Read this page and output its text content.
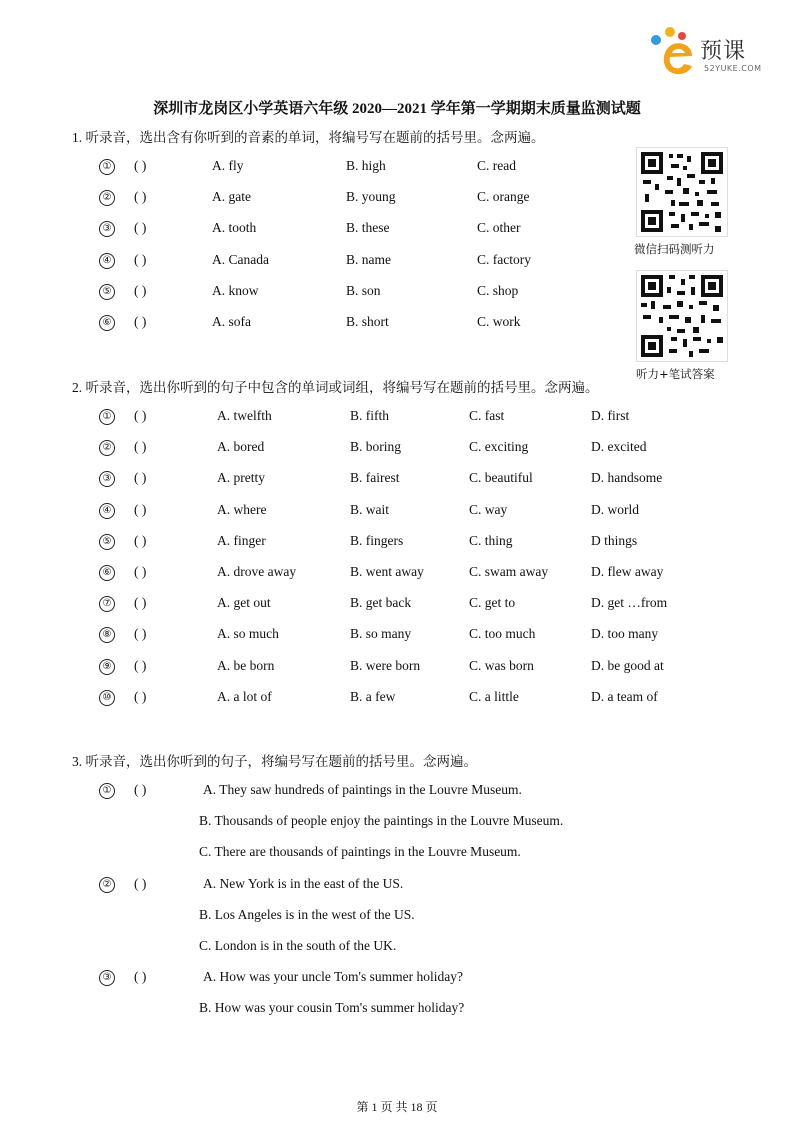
预课
52YUKE.COM
深圳市龙岗区小学英语六年级 2020—2021 学年第一学期期末质量监测试题
微信扫码测听力
听力+笔试答案
1. 听录音，选出含有你听到的音素的单词，将编号写在题前的括号里。念两遍。
① ( )	A. fly	B. high	C. read
② ( )	A. gate	B. young	C. orange
③ ( )	A. tooth	B. these	C. other
④ ( )	A. Canada	B. name	C. factory
⑤ ( )	A. know	B. son	C. shop
⑥ ( )	A. sofa	B. short	C. work
2. 听录音，选出你听到的句子中包含的单词或词组，将编号写在题前的括号里。念两遍。
① ( )	A. twelfth	B. fifth	C. fast	D. first
② ( )	A. bored	B. boring	C. exciting	D. excited
③ ( )	A. pretty	B. fairest	C. beautiful	D. handsome
④ ( )	A. where	B. wait	C. way	D. world
⑤ ( )	A. finger	B. fingers	C. thing	D things
⑥ ( )	A. drove away	B. went away	C. swam away	D. flew away
⑦ ( )	A. get out	B. get back	C. get to	D. get …from
⑧ ( )	A. so much	B. so many	C. too much	D. too many
⑨ ( )	A. be born	B. were born	C. was born	D. be good at
⑩ ( )	A. a lot of	B. a few	C. a little	D. a team of
3. 听录音，选出你听到的句子，将编号写在题前的括号里。念两遍。
① ( )	A. They saw hundreds of paintings in the Louvre Museum.
B. Thousands of people enjoy the paintings in the Louvre Museum.
C. There are thousands of paintings in the Louvre Museum.
② ( )	A. New York is in the east of the US.
B. Los Angeles is in the west of the US.
C. London is in the south of the UK.
③ ( )	A. How was your uncle Tom's summer holiday?
B. How was your cousin Tom's summer holiday?
第 1 页 共 18 页
